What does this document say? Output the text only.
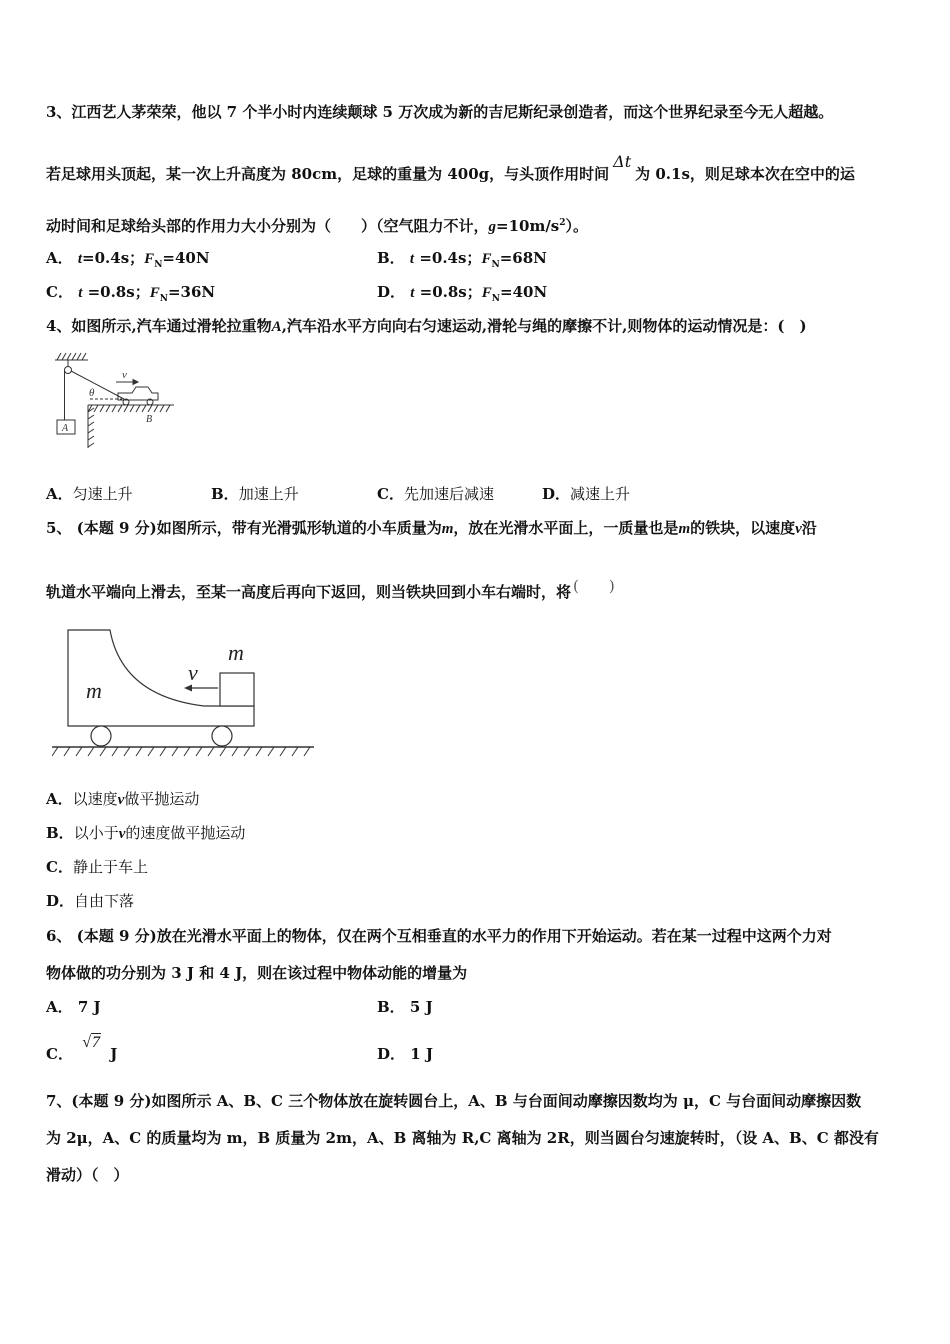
3、江西艺人茅荣荣，他以 7 个半小时内连续颠球 5 万次成为新的吉尼斯纪录创造者，而这个世界纪录至今无人超越。
若足球用头顶起，某一次上升高度为 80cm，足球的重量为 400g，与头顶作用时间Δt为 0.1s，则足球本次在空中的运
动时间和足球给头部的作用力大小分别为（　　）（空气阻力不计，$g=10m/s^2$）。
A． t=0.4s；$F_N=40N$	B． t =0.4s；$F_N=68N$
C． t =0.8s；$F_N=36N$	D． t =0.8s；$F_N=40N$
4、如图所示,汽车通过滑轮拉重物A,汽车沿水平方向向右匀速运动,滑轮与绳的摩擦不计,则物体的运动情况是：(　)
θ
v
A
B
A．匀速上升	B．加速上升	C．先加速后减速	D．减速上升
5、 (本题 9 分)如图所示，带有光滑弧形轨道的小车质量为m，放在光滑水平面上，一质量也是m的铁块，以速度v沿
轨道水平端向上滑去，至某一高度后再向下返回，则当铁块回到小车右端时，将 (　　)
m
m
v
A．以速度v做平抛运动
B．以小于v的速度做平抛运动
C．静止于车上
D．自由下落
6、 (本题 9 分)放在光滑水平面上的物体，仅在两个互相垂直的水平力的作用下开始运动。若在某一过程中这两个力对
物体做的功分别为 3 J 和 4 J，则在该过程中物体动能的增量为
A． 7 J	B． 5 J
C． √7 J	D． 1 J
7、(本题 9 分)如图所示 A、B、C 三个物体放在旋转圆台上，A、B 与台面间动摩擦因数均为 μ，C 与台面间动摩擦因数
为 2μ，A、C 的质量均为 m，B 质量为 2m，A、B 离轴为 R,C 离轴为 2R，则当圆台匀速旋转时，（设 A、B、C 都没有
滑动）（　）
